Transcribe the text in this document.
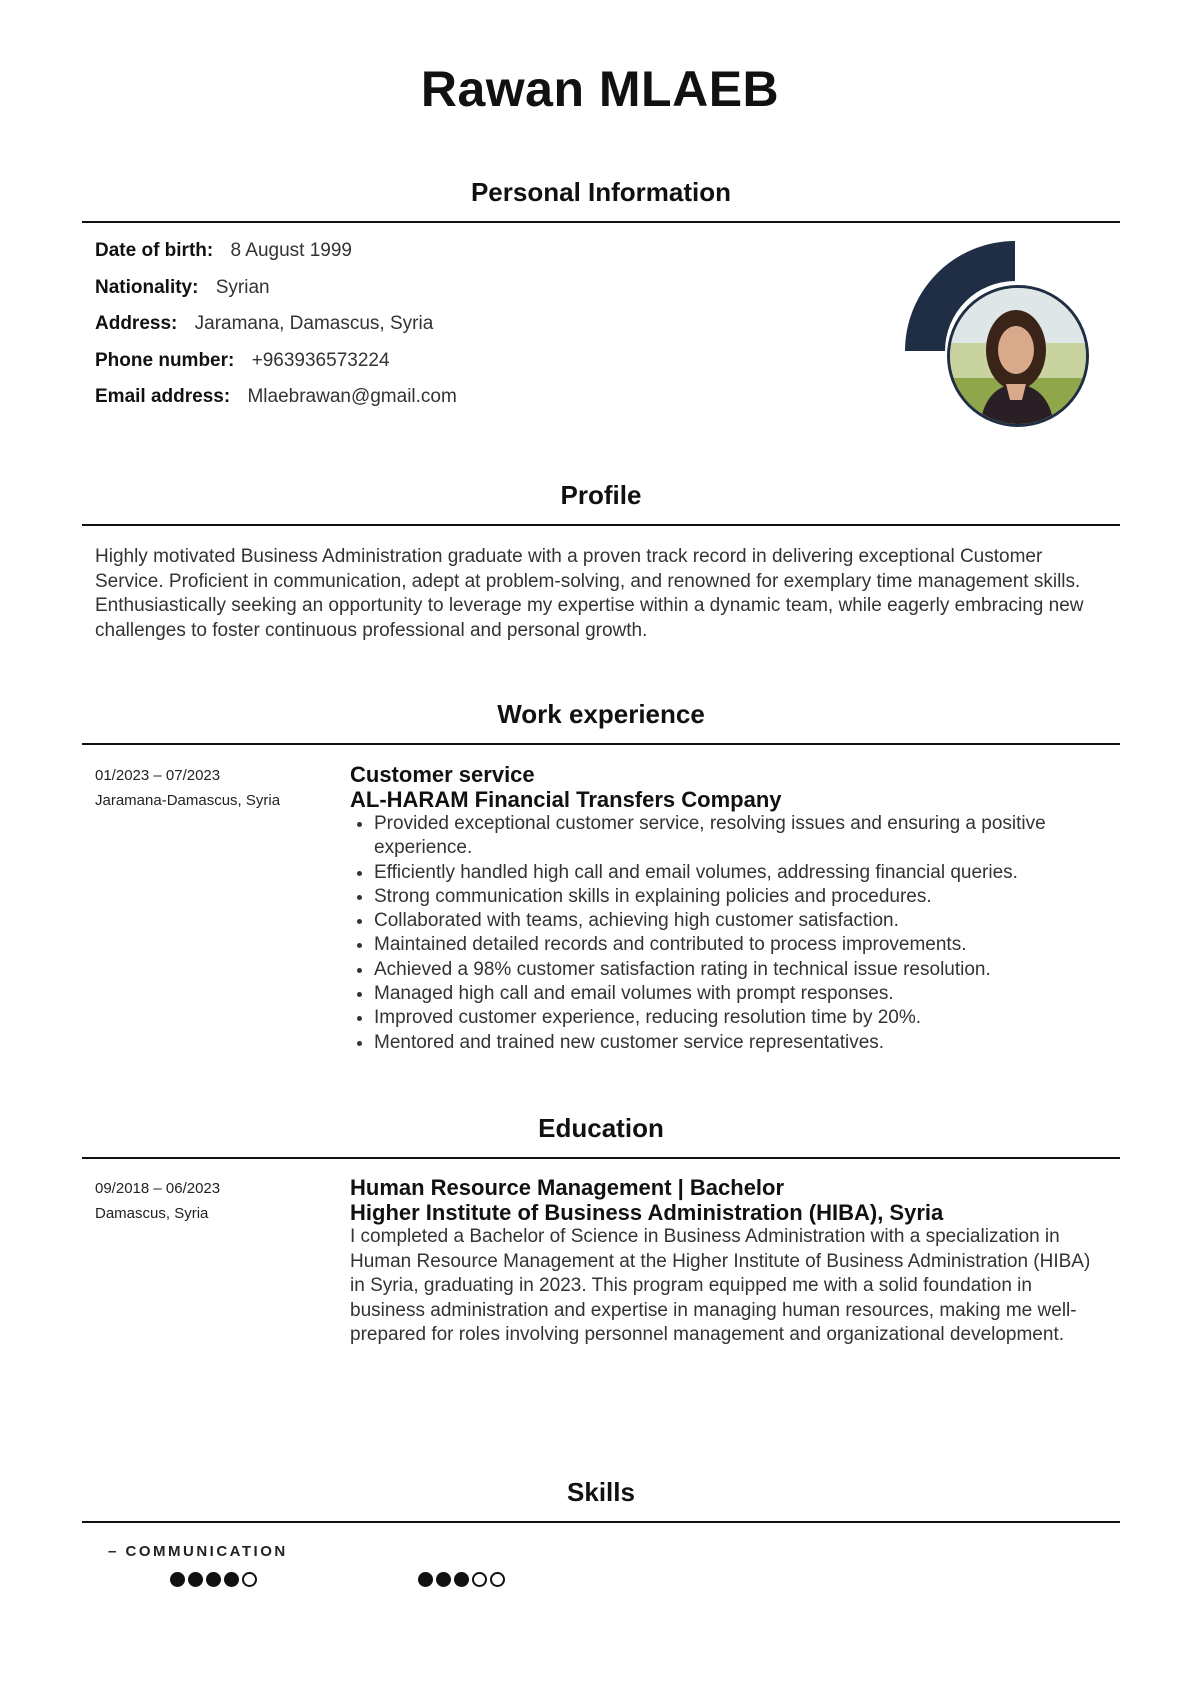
Rawan MLAEB
Personal Information
Date of birth: 8 August 1999
Nationality: Syrian
Address: Jaramana, Damascus, Syria
Phone number: +963936573224
Email address: Mlaebrawan@gmail.com
Profile
Highly motivated Business Administration graduate with a proven track record in delivering exceptional Customer Service. Proficient in communication, adept at problem-solving, and renowned for exemplary time management skills. Enthusiastically seeking an opportunity to leverage my expertise within a dynamic team, while eagerly embracing new challenges to foster continuous professional and personal growth.
Work experience
01/2023 – 07/2023
Jaramana-Damascus, Syria
Customer service
AL-HARAM Financial Transfers Company
• Provided exceptional customer service, resolving issues and ensuring a positive experience.
• Efficiently handled high call and email volumes, addressing financial queries.
• Strong communication skills in explaining policies and procedures.
• Collaborated with teams, achieving high customer satisfaction.
• Maintained detailed records and contributed to process improvements.
• Achieved a 98% customer satisfaction rating in technical issue resolution.
• Managed high call and email volumes with prompt responses.
• Improved customer experience, reducing resolution time by 20%.
• Mentored and trained new customer service representatives.
Education
09/2018 – 06/2023
Damascus, Syria
Human Resource Management | Bachelor
Higher Institute of Business Administration (HIBA), Syria
I completed a Bachelor of Science in Business Administration with a specialization in Human Resource Management at the Higher Institute of Business Administration (HIBA) in Syria, graduating in 2023. This program equipped me with a solid foundation in business administration and expertise in managing human resources, making me well-prepared for roles involving personnel management and organizational development.
Skills
– COMMUNICATION
